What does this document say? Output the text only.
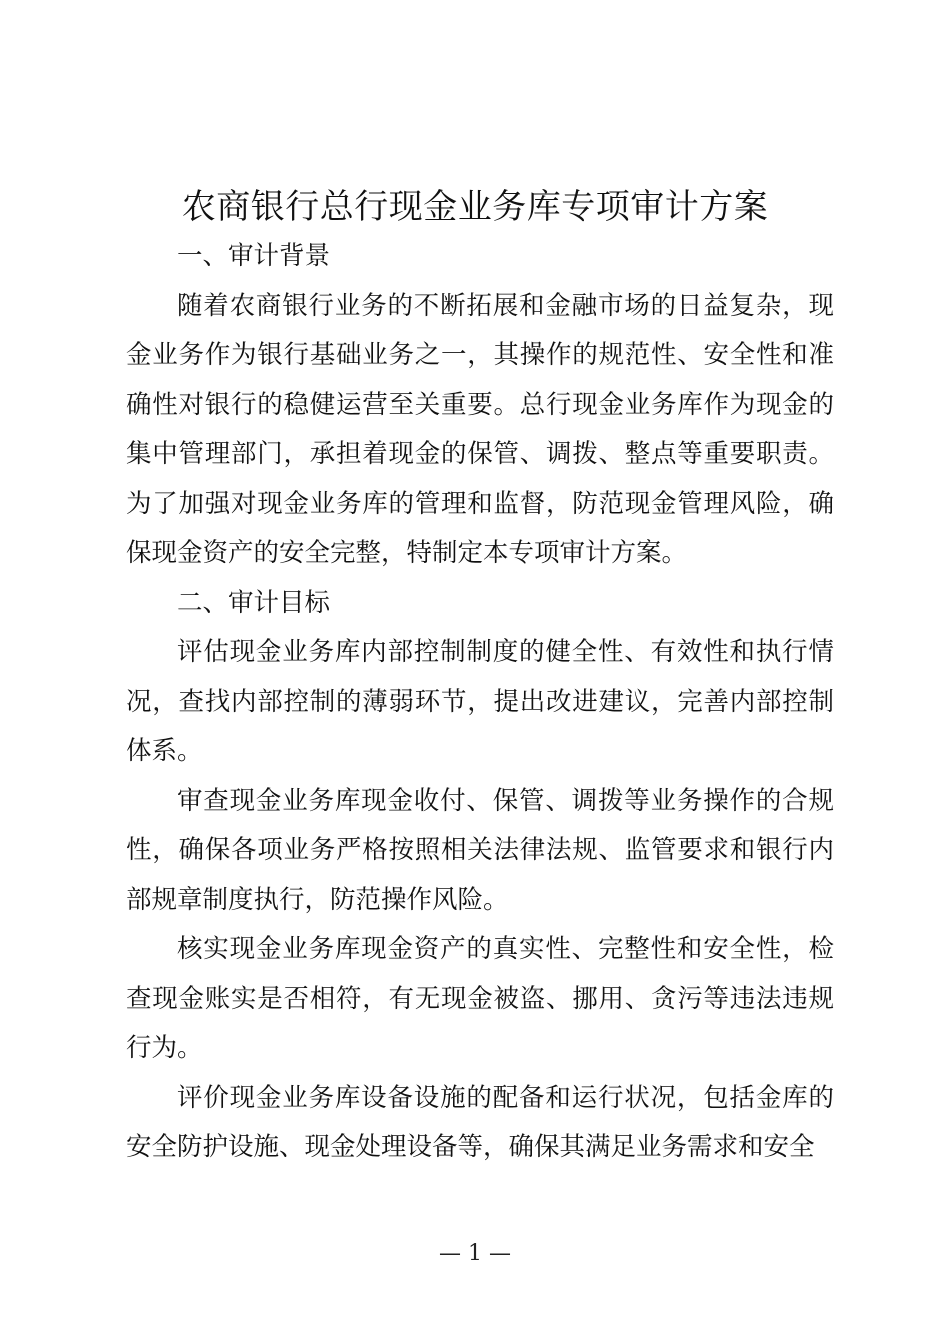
农商银行总行现金业务库专项审计方案
一、审计背景

随着农商银行业务的不断拓展和金融市场的日益复杂，现金业务作为银行基础业务之一，其操作的规范性、安全性和准确性对银行的稳健运营至关重要。总行现金业务库作为现金的集中管理部门，承担着现金的保管、调拨、整点等重要职责。为了加强对现金业务库的管理和监督，防范现金管理风险，确保现金资产的安全完整，特制定本专项审计方案。

二、审计目标

评估现金业务库内部控制制度的健全性、有效性和执行情况，查找内部控制的薄弱环节，提出改进建议，完善内部控制体系。

审查现金业务库现金收付、保管、调拨等业务操作的合规性，确保各项业务严格按照相关法律法规、监管要求和银行内部规章制度执行，防范操作风险。

核实现金业务库现金资产的真实性、完整性和安全性，检查现金账实是否相符，有无现金被盗、挪用、贪污等违法违规行为。

评价现金业务库设备设施的配备和运行状况，包括金库的安全防护设施、现金处理设备等，确保其满足业务需求和安全

— 1 —
